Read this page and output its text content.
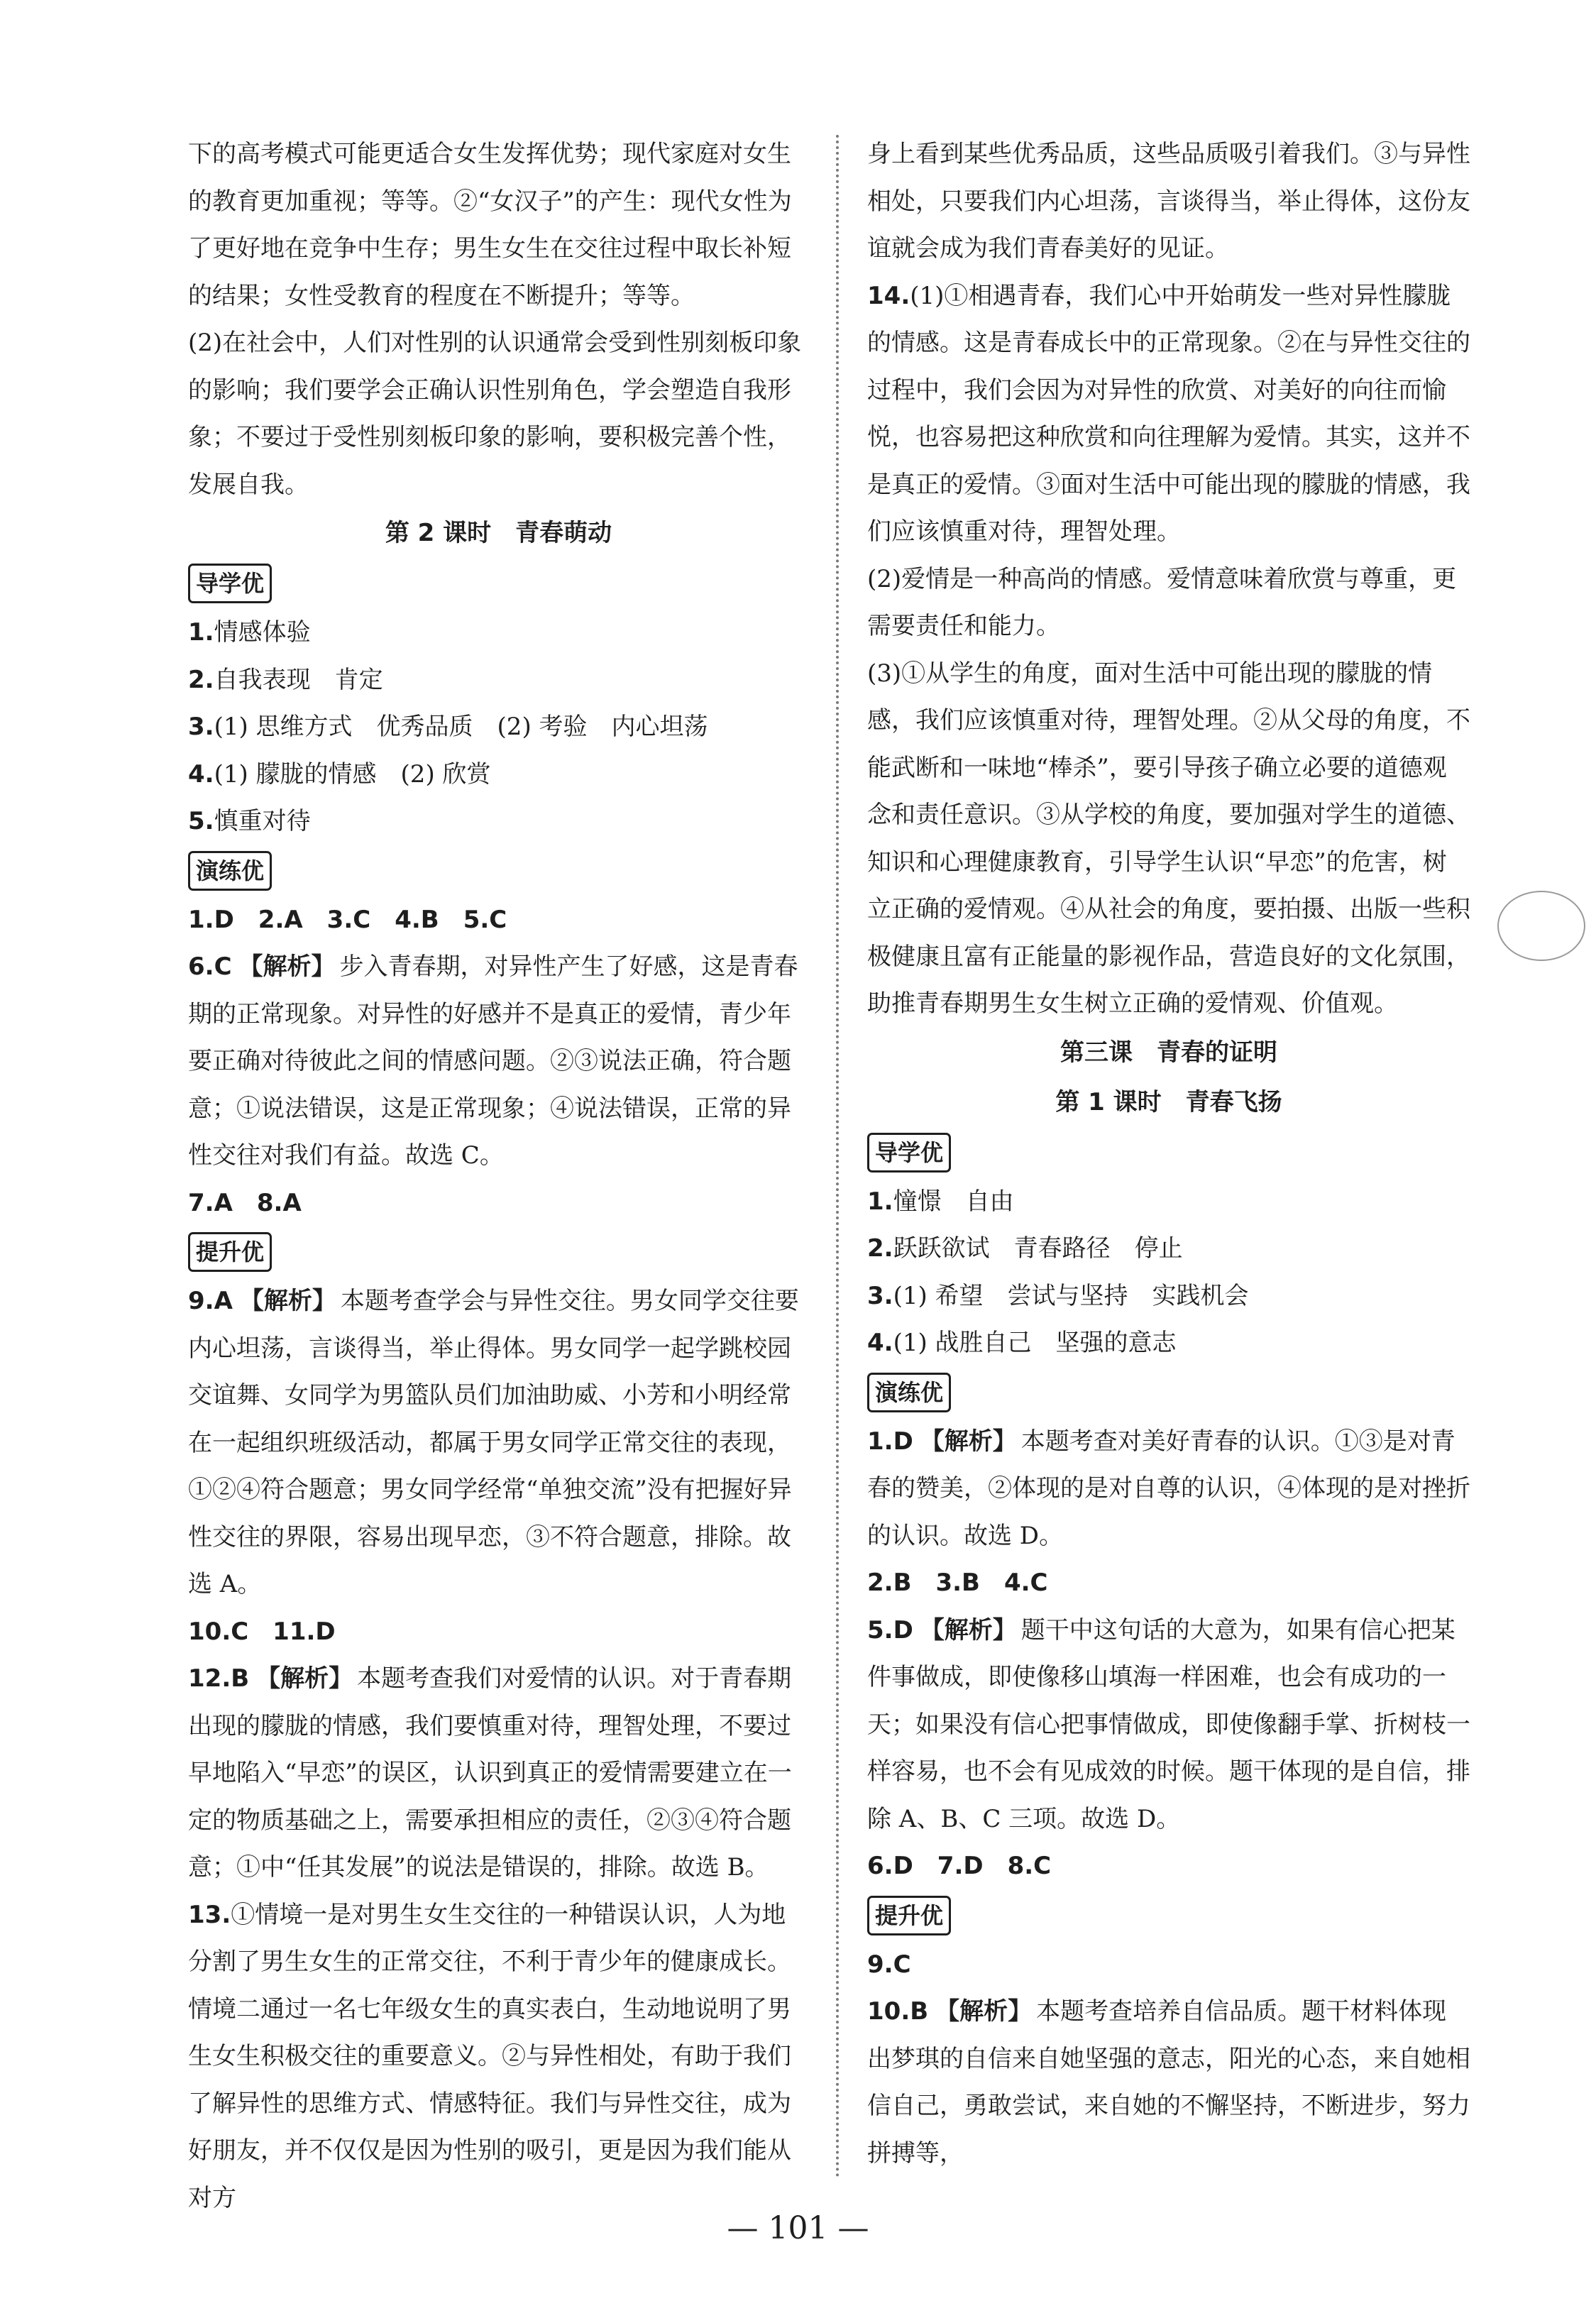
下的高考模式可能更适合女生发挥优势；现代家庭对女生的教育更加重视；等等。②“女汉子”的产生：现代女性为了更好地在竞争中生存；男生女生在交往过程中取长补短的结果；女性受教育的程度在不断提升；等等。

(2)在社会中，人们对性别的认识通常会受到性别刻板印象的影响；我们要学会正确认识性别角色，学会塑造自我形象；不要过于受性别刻板印象的影响，要积极完善个性，发展自我。

第 2 课时　青春萌动

导学优

1.情感体验

2.自我表现　肯定

3.(1) 思维方式　优秀品质　(2) 考验　内心坦荡

4.(1) 朦胧的情感　(2) 欣赏

5.慎重对待

演练优

1.D　2.A　3.C　4.B　5.C

6.C 【解析】 步入青春期，对异性产生了好感，这是青春期的正常现象。对异性的好感并不是真正的爱情，青少年要正确对待彼此之间的情感问题。②③说法正确，符合题意；①说法错误，这是正常现象；④说法错误，正常的异性交往对我们有益。故选 C。

7.A　8.A

提升优

9.A 【解析】 本题考查学会与异性交往。男女同学交往要内心坦荡，言谈得当，举止得体。男女同学一起学跳校园交谊舞、女同学为男篮队员们加油助威、小芳和小明经常在一起组织班级活动，都属于男女同学正常交往的表现，①②④符合题意；男女同学经常“单独交流”没有把握好异性交往的界限，容易出现早恋，③不符合题意，排除。故选 A。

10.C　11.D

12.B 【解析】 本题考查我们对爱情的认识。对于青春期出现的朦胧的情感，我们要慎重对待，理智处理，不要过早地陷入“早恋”的误区，认识到真正的爱情需要建立在一定的物质基础之上，需要承担相应的责任，②③④符合题意；①中“任其发展”的说法是错误的，排除。故选 B。

13.①情境一是对男生女生交往的一种错误认识，人为地分割了男生女生的正常交往，不利于青少年的健康成长。情境二通过一名七年级女生的真实表白，生动地说明了男生女生积极交往的重要意义。②与异性相处，有助于我们了解异性的思维方式、情感特征。我们与异性交往，成为好朋友，并不仅仅是因为性别的吸引，更是因为我们能从对方

身上看到某些优秀品质，这些品质吸引着我们。③与异性相处，只要我们内心坦荡，言谈得当，举止得体，这份友谊就会成为我们青春美好的见证。

14.(1)①相遇青春，我们心中开始萌发一些对异性朦胧的情感。这是青春成长中的正常现象。②在与异性交往的过程中，我们会因为对异性的欣赏、对美好的向往而愉悦，也容易把这种欣赏和向往理解为爱情。其实，这并不是真正的爱情。③面对生活中可能出现的朦胧的情感，我们应该慎重对待，理智处理。

(2)爱情是一种高尚的情感。爱情意味着欣赏与尊重，更需要责任和能力。

(3)①从学生的角度，面对生活中可能出现的朦胧的情感，我们应该慎重对待，理智处理。②从父母的角度，不能武断和一味地“棒杀”，要引导孩子确立必要的道德观念和责任意识。③从学校的角度，要加强对学生的道德、知识和心理健康教育，引导学生认识“早恋”的危害，树立正确的爱情观。④从社会的角度，要拍摄、出版一些积极健康且富有正能量的影视作品，营造良好的文化氛围，助推青春期男生女生树立正确的爱情观、价值观。

第三课　青春的证明

第 1 课时　青春飞扬

导学优

1.憧憬　自由

2.跃跃欲试　青春路径　停止

3.(1) 希望　尝试与坚持　实践机会

4.(1) 战胜自己　坚强的意志

演练优

1.D 【解析】 本题考查对美好青春的认识。①③是对青春的赞美，②体现的是对自尊的认识，④体现的是对挫折的认识。故选 D。

2.B　3.B　4.C

5.D 【解析】 题干中这句话的大意为，如果有信心把某件事做成，即使像移山填海一样困难，也会有成功的一天；如果没有信心把事情做成，即使像翻手掌、折树枝一样容易，也不会有见成效的时候。题干体现的是自信，排除 A、B、C 三项。故选 D。

6.D　7.D　8.C

提升优

9.C

10.B 【解析】 本题考查培养自信品质。题干材料体现出梦琪的自信来自她坚强的意志，阳光的心态，来自她相信自己，勇敢尝试，来自她的不懈坚持，不断进步，努力拼搏等，

— 101 —
